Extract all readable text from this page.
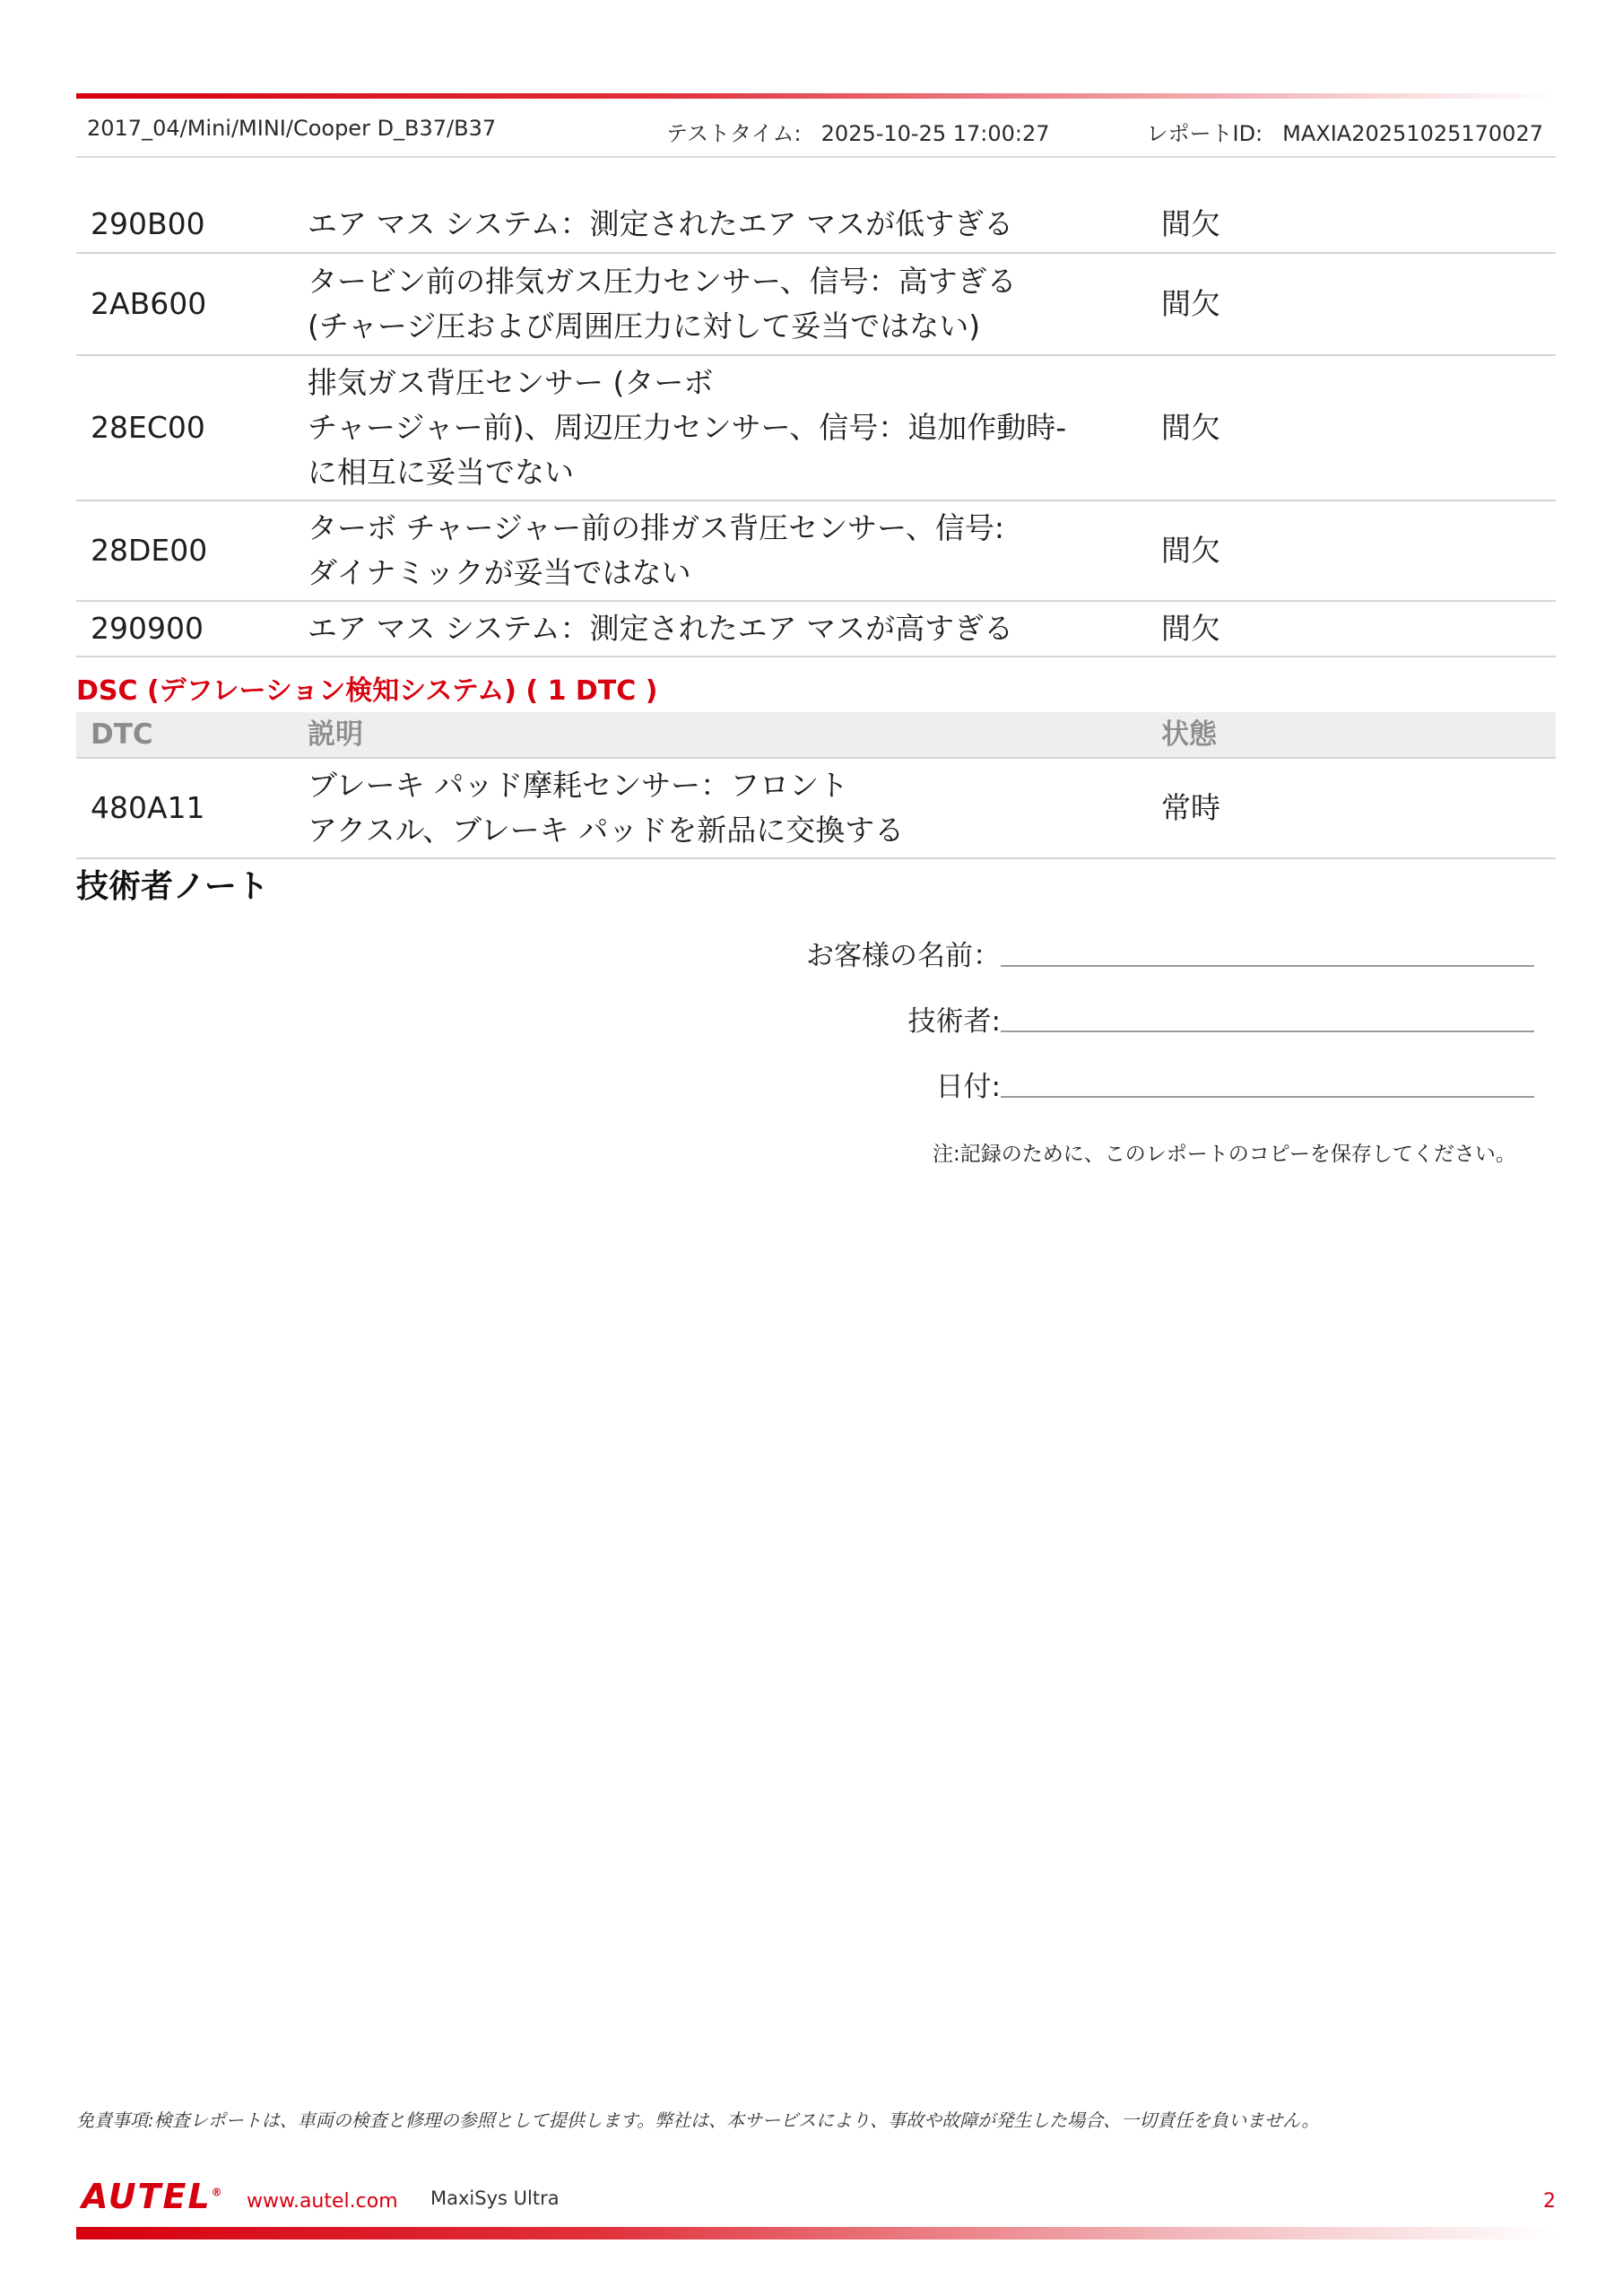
2017_04/Mini/MINI/Cooper D_B37/B37	テストタイム: 2025-10-25 17:00:27	レポートID: MAXIA20251025170027
290B00	エア マス システム：測定されたエア マスが低すぎる	間欠
2AB600	タービン前の排気ガス圧力センサー、信号：高すぎる
(チャージ圧および周囲圧力に対して妥当ではない)	間欠
28EC00	排気ガス背圧センサー (ターボ
チャージャー前)、周辺圧力センサー、信号：追加作動時-
に相互に妥当でない	間欠
28DE00	ターボ チャージャー前の排ガス背圧センサー、信号:
ダイナミックが妥当ではない	間欠
290900	エア マス システム：測定されたエア マスが高すぎる	間欠
DSC (デフレーション検知システム) ( 1 DTC )
DTC	説明	状態
480A11	ブレーキ パッド摩耗センサー：フロント
アクスル、ブレーキ パッドを新品に交換する	常時
技術者ノート
お客様の名前：
技術者:
日付:
注:記録のために、このレポートのコピーを保存してください。
免責事項:検査レポートは、車両の検査と修理の参照として提供します。弊社は、本サービスにより、事故や故障が発生した場合、一切責任を負いません。
AUTEL® www.autel.com MaxiSys Ultra	2
